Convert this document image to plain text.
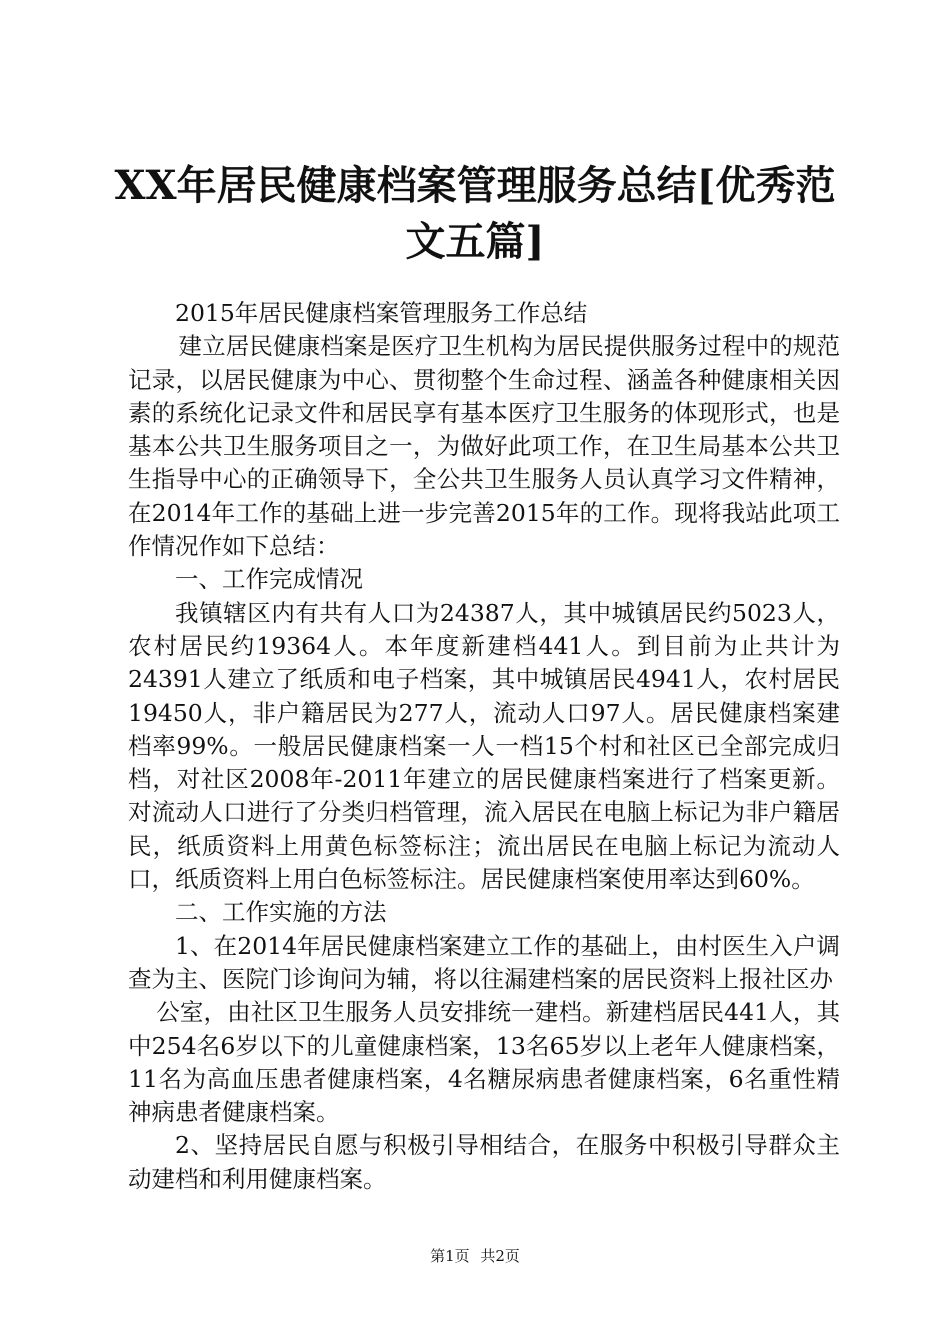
XX年居民健康档案管理服务总结[优秀范文五篇]

2015年居民健康档案管理服务工作总结

建立居民健康档案是医疗卫生机构为居民提供服务过程中的规范记录，以居民健康为中心、贯彻整个生命过程、涵盖各种健康相关因素的系统化记录文件和居民享有基本医疗卫生服务的体现形式，也是基本公共卫生服务项目之一，为做好此项工作，在卫生局基本公共卫生指导中心的正确领导下，全公共卫生服务人员认真学习文件精神，在2014年工作的基础上进一步完善2015年的工作。现将我站此项工作情况作如下总结：

一、工作完成情况

我镇辖区内有共有人口为24387人，其中城镇居民约5023人，农村居民约19364人。本年度新建档441人。到目前为止共计为24391人建立了纸质和电子档案，其中城镇居民4941人，农村居民19450人，非户籍居民为277人，流动人口97人。居民健康档案建档率99%。一般居民健康档案一人一档15个村和社区已全部完成归档，对社区2008年-2011年建立的居民健康档案进行了档案更新。对流动人口进行了分类归档管理，流入居民在电脑上标记为非户籍居民，纸质资料上用黄色标签标注；流出居民在电脑上标记为流动人口，纸质资料上用白色标签标注。居民健康档案使用率达到60%。

二、工作实施的方法

1、在2014年居民健康档案建立工作的基础上，由村医生入户调查为主、医院门诊询问为辅，将以往漏建档案的居民资料上报社区办

公室，由社区卫生服务人员安排统一建档。新建档居民441人，其中254名6岁以下的儿童健康档案，13名65岁以上老年人健康档案，11名为高血压患者健康档案，4名糖尿病患者健康档案，6名重性精神病患者健康档案。

2、坚持居民自愿与积极引导相结合，在服务中积极引导群众主动建档和利用健康档案。

第1页 共2页
